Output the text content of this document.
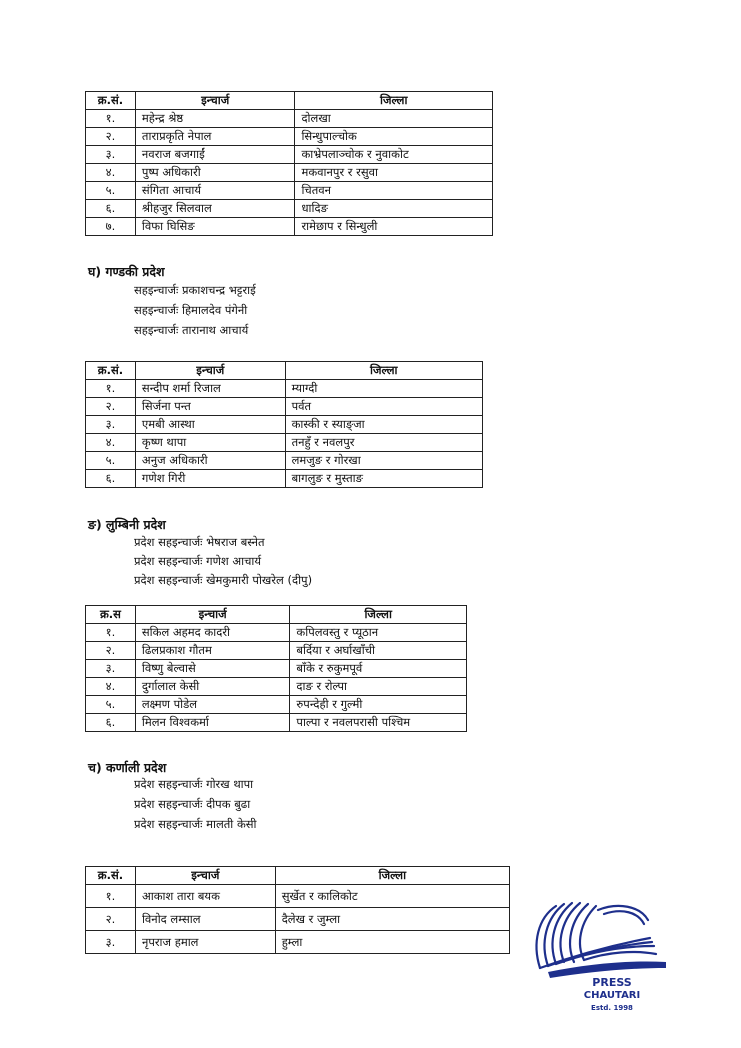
क्र.सं.	इन्चार्ज	जिल्ला
१.	महेन्द्र श्रेष्ठ	दोलखा
२.	ताराप्रकृति नेपाल	सिन्धुपाल्चोक
३.	नवराज बजगाईं	काभ्रेपलाञ्चोक र नुवाकोट
४.	पुष्प अधिकारी	मकवानपुर र रसुवा
५.	संगिता आचार्य	चितवन
६.	श्रीहजुर सिलवाल	धादिङ
७.	विफा घिसिङ	रामेछाप र सिन्धुली
घ) गण्डकी प्रदेश
सहइन्चार्जः प्रकाशचन्द्र भट्टराई
सहइन्चार्जः हिमालदेव पंगेनी
सहइन्चार्जः तारानाथ आचार्य
क्र.सं.	इन्चार्ज	जिल्ला
१.	सन्दीप शर्मा रिजाल	म्याग्दी
२.	सिर्जना पन्त	पर्वत
३.	एमबी आस्था	कास्की र स्याङ्जा
४.	कृष्ण थापा	तनहुँ र नवलपुर
५.	अनुज अधिकारी	लमजुङ र गोरखा
६.	गणेश गिरी	बागलुङ र मुस्ताङ
ङ) लुम्बिनी प्रदेश
प्रदेश सहइन्चार्जः भेषराज बस्नेत
प्रदेश सहइन्चार्जः गणेश आचार्य
प्रदेश सहइन्चार्जः खेमकुमारी पोखरेल (दीपु)
क्र.स	इन्चार्ज	जिल्ला
१.	सकिल अहमद कादरी	कपिलवस्तु र प्यूठान
२.	ढिलप्रकाश गौतम	बर्दिया र अर्घाखाँची
३.	विष्णु बेल्वासे	बाँके र रुकुमपूर्व
४.	दुर्गालाल केसी	दाङ र रोल्पा
५.	लक्ष्मण पोडेल	रुपन्देही र गुल्मी
६.	मिलन विश्वकर्मा	पाल्पा र नवलपरासी पश्चिम
च) कर्णाली प्रदेश
प्रदेश सहइन्चार्जः गोरख थापा
प्रदेश सहइन्चार्जः दीपक बुढा
प्रदेश सहइन्चार्जः मालती केसी
क्र.सं.	इन्चार्ज	जिल्ला
१.	आकाश तारा बयक	सुर्खेत र कालिकोट
२.	विनोद लम्साल	दैलेख र जुम्ला
३.	नृपराज हमाल	हुम्ला
PRESS
CHAUTARI
Estd. 1998
